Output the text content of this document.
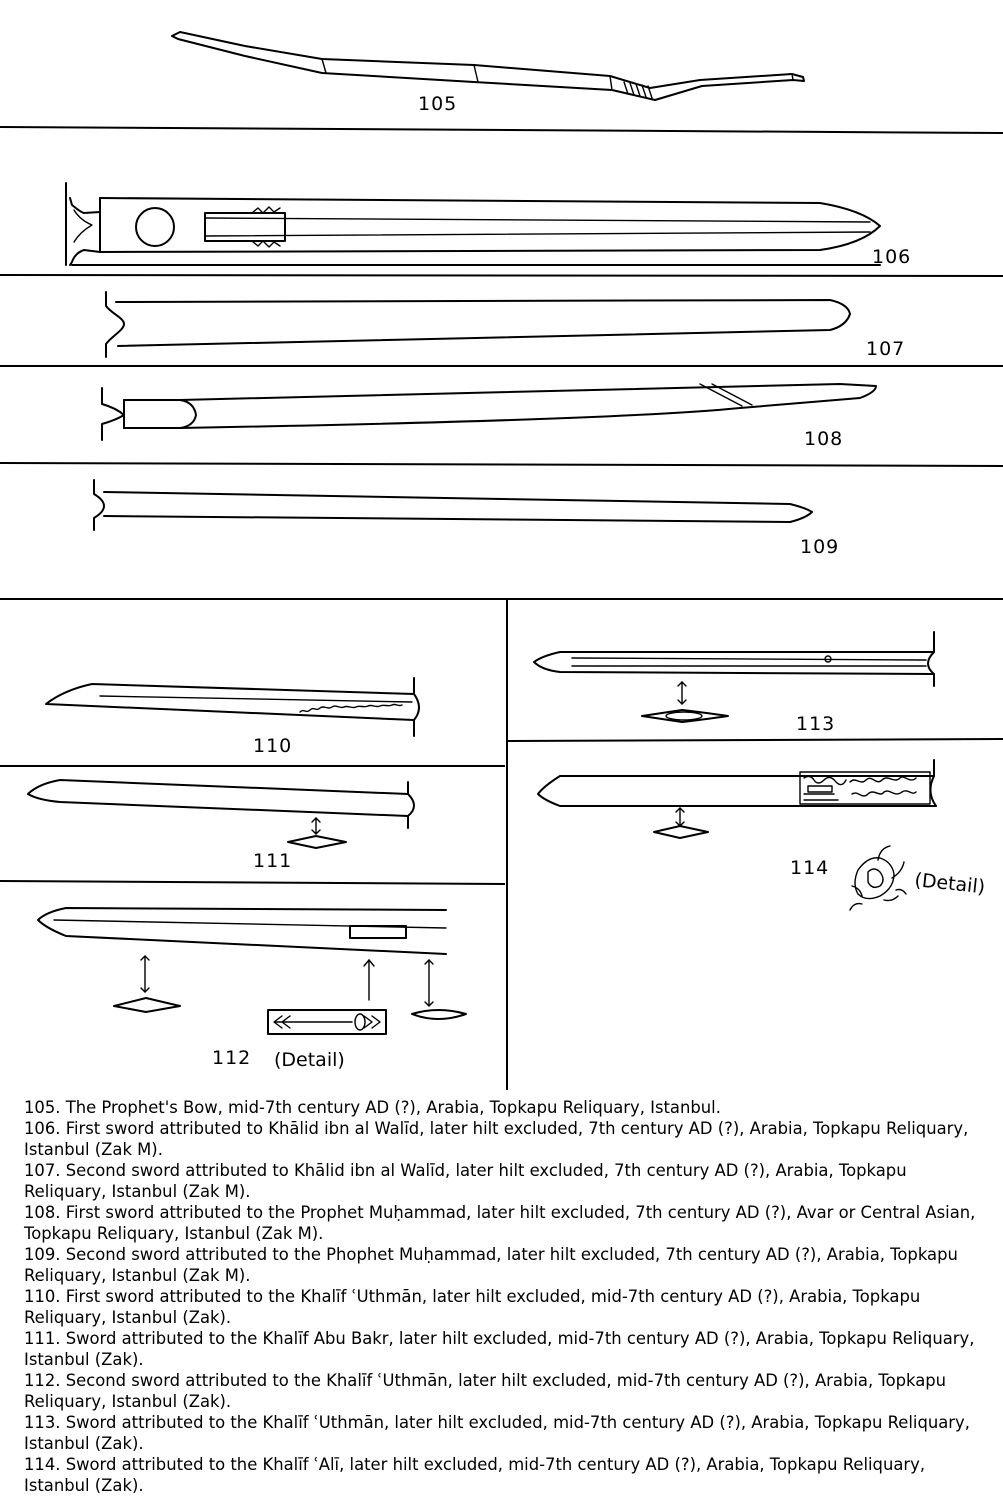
105
106
107
108
109
110
111
112 (Detail)
113
114
(Detail)

105. The Prophet's Bow, mid-7th century AD (?), Arabia, Topkapu Reliquary, Istanbul.

106. First sword attributed to Khālid ibn al Walīd, later hilt excluded, 7th century AD (?), Arabia, Topkapu Reliquary, Istanbul (Zak M).

107. Second sword attributed to Khālid ibn al Walīd, later hilt excluded, 7th century AD (?), Arabia, Topkapu Reliquary, Istanbul (Zak M).

108. First sword attributed to the Prophet Muḥammad, later hilt excluded, 7th century AD (?), Avar or Central Asian, Topkapu Reliquary, Istanbul (Zak M).

109. Second sword attributed to the Phophet Muḥammad, later hilt excluded, 7th century AD (?), Arabia, Topkapu Reliquary, Istanbul (Zak M).

110. First sword attributed to the Khalīf ʿUthmān, later hilt excluded, mid-7th century AD (?), Arabia, Topkapu Reliquary, Istanbul (Zak).

111. Sword attributed to the Khalīf Abu Bakr, later hilt excluded, mid-7th century AD (?), Arabia, Topkapu Reliquary, Istanbul (Zak).

112. Second sword attributed to the Khalīf ʿUthmān, later hilt excluded, mid-7th century AD (?), Arabia, Topkapu Reliquary, Istanbul (Zak).

113. Sword attributed to the Khalīf ʿUthmān, later hilt excluded, mid-7th century AD (?), Arabia, Topkapu Reliquary, Istanbul (Zak).

114. Sword attributed to the Khalīf ʿAlī, later hilt excluded, mid-7th century AD (?), Arabia, Topkapu Reliquary, Istanbul (Zak).
